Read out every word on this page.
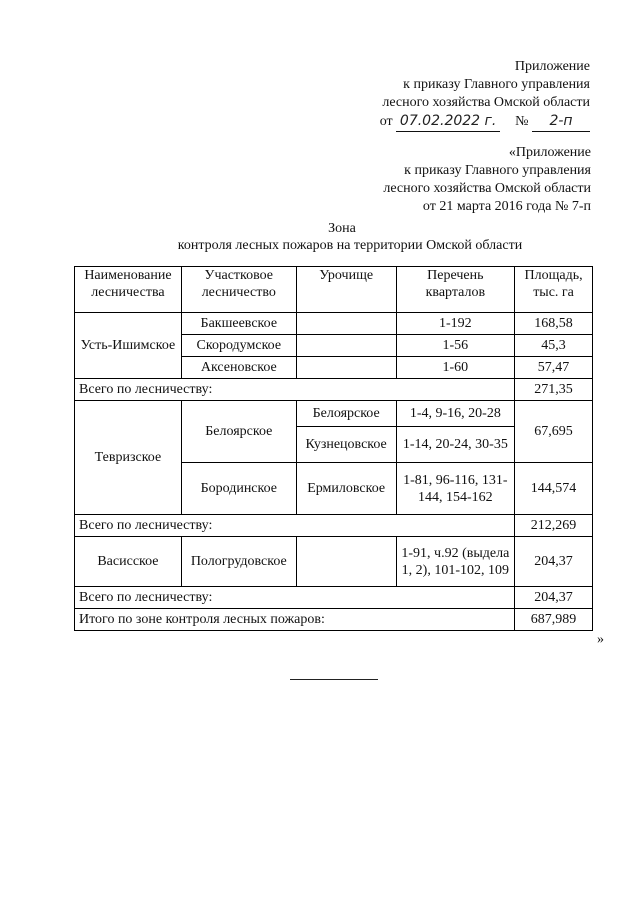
Приложение
к приказу Главного управления
лесного хозяйства Омской области
от 07.02.2022 г. № 2-п
«Приложение
к приказу Главного управления
лесного хозяйства Омской области
от 21 марта 2016 года № 7-п
Зона
контроля лесных пожаров на территории Омской области
Наименование лесничества	Участковое лесничество	Урочище	Перечень кварталов	Площадь, тыс. га
Усть-Ишимское	Бакшеевское		1-192	168,58
	Скородумское		1-56	45,3
	Аксеновское		1-60	57,47
Всего по лесничеству:				271,35
Тевризское	Белоярское	Белоярское	1-4, 9-16, 20-28	67,695
		Кузнецовское	1-14, 20-24, 30-35	
	Бородинское	Ермиловское	1-81, 96-116, 131-144, 154-162	144,574
Всего по лесничеству:				212,269
Васисское	Пологрудовское		1-91, ч.92 (выдела 1, 2), 101-102, 109	204,37
Всего по лесничеству:				204,37
Итого по зоне контроля лесных пожаров:				687,989
»
